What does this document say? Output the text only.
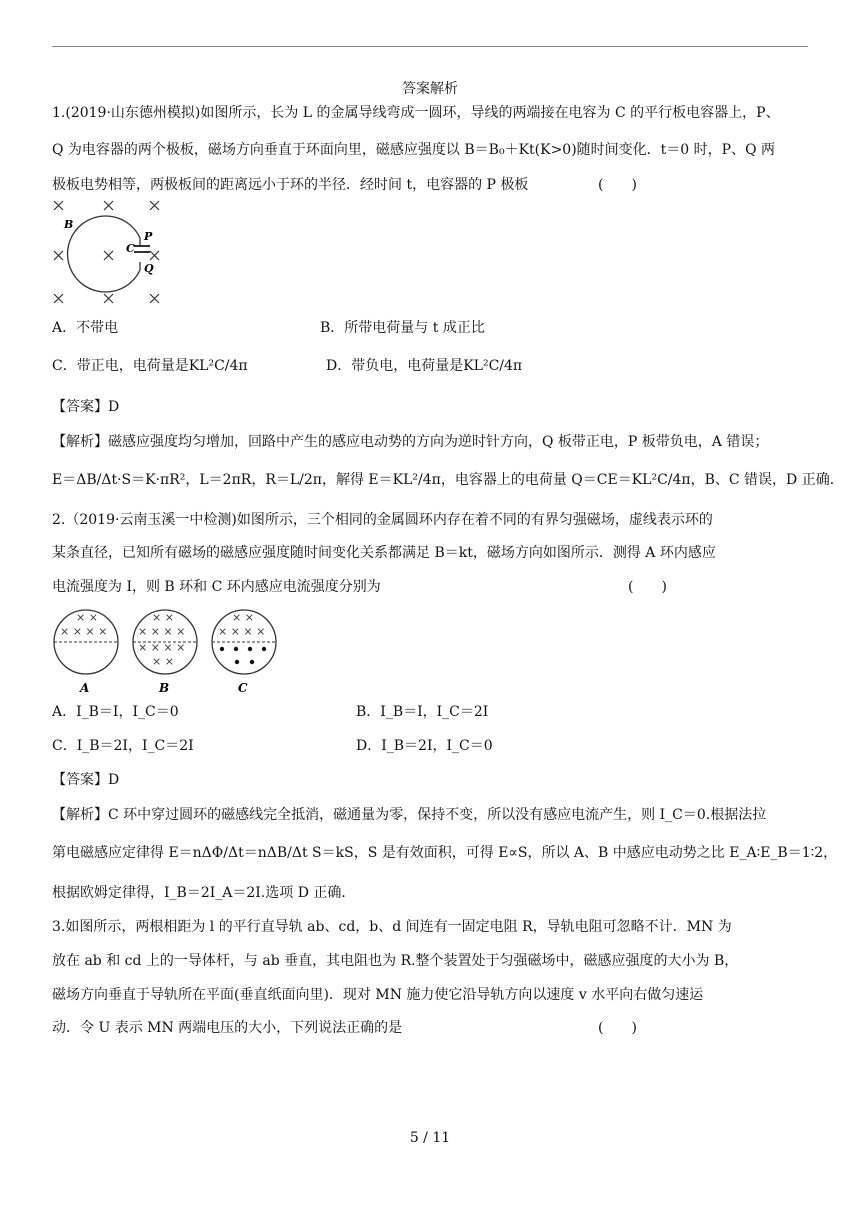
答案解析
1.(2019·山东德州模拟)如图所示，长为 L 的金属导线弯成一圆环，导线的两端接在电容为 C 的平行板电容器上，P、
Q 为电容器的两个极板，磁场方向垂直于环面向里，磁感应强度以 B＝B₀＋Kt(K>0)随时间变化．t＝0 时，P、Q 两
极板电势相等，两极板间的距离远小于环的半径．经时间 t，电容器的 P 极板	(　　)
B
C
P
Q
A．不带电	B．所带电荷量与 t 成正比
C．带正电，电荷量是KL²C/4π	D．带负电，电荷量是KL²C/4π
【答案】D
【解析】磁感应强度均匀增加，回路中产生的感应电动势的方向为逆时针方向，Q 板带正电，P 板带负电，A 错误；
E＝ΔB/Δt·S＝K·πR²，L＝2πR，R＝L/2π，解得 E＝KL²/4π，电容器上的电荷量 Q＝CE＝KL²C/4π，B、C 错误，D 正确．
2.（2019·云南玉溪一中检测)如图所示，三个相同的金属圆环内存在着不同的有界匀强磁场，虚线表示环的
某条直径，已知所有磁场的磁感应强度随时间变化关系都满足 B＝kt，磁场方向如图所示．测得 A 环内感应
电流强度为 I，则 B 环和 C 环内感应电流强度分别为	(　　)
× ×
× × × ×
A
× ×
× × × ×
× × × ×
× ×
B
× ×
× × × ×
C
A．I_B＝I，I_C＝0	B．I_B＝I，I_C＝2I
C．I_B＝2I，I_C＝2I	D．I_B＝2I，I_C＝0
【答案】D
【解析】C 环中穿过圆环的磁感线完全抵消，磁通量为零，保持不变，所以没有感应电流产生，则 I_C＝0.根据法拉
第电磁感应定律得 E＝nΔΦ/Δt＝nΔB/Δt S＝kS，S 是有效面积，可得 E∝S，所以 A、B 中感应电动势之比 E_A∶E_B＝1∶2，
根据欧姆定律得，I_B＝2I_A＝2I.选项 D 正确．
3.如图所示，两根相距为 l 的平行直导轨 ab、cd，b、d 间连有一固定电阻 R，导轨电阻可忽略不计．MN 为
放在 ab 和 cd 上的一导体杆，与 ab 垂直，其电阻也为 R.整个装置处于匀强磁场中，磁感应强度的大小为 B，
磁场方向垂直于导轨所在平面(垂直纸面向里)．现对 MN 施力使它沿导轨方向以速度 v 水平向右做匀速运
动．令 U 表示 MN 两端电压的大小，下列说法正确的是	(　　)
5 / 11
